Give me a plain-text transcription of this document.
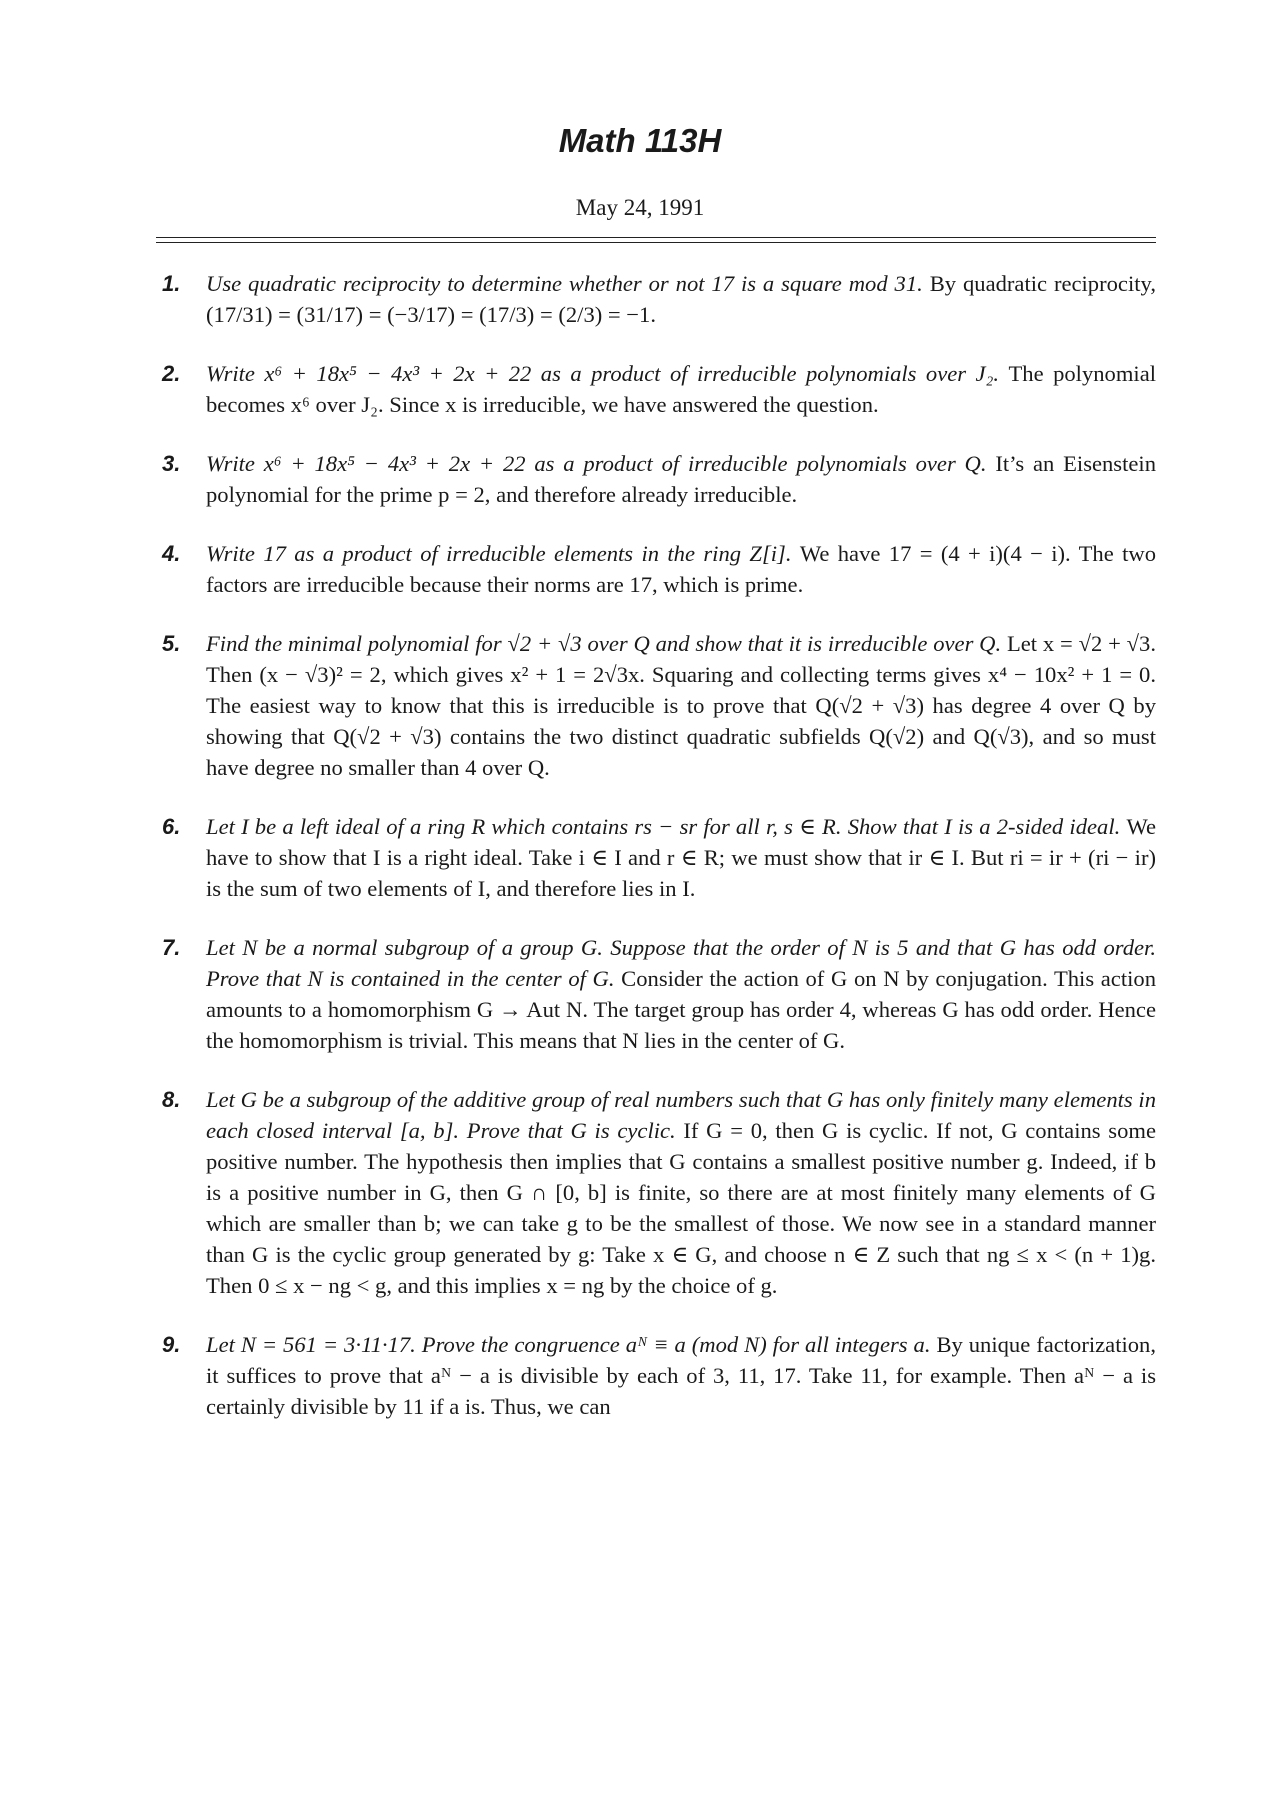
Math 113H
May 24, 1991
1. Use quadratic reciprocity to determine whether or not 17 is a square mod 31. By quadratic reciprocity, (17/31) = (31/17) = (−3/17) = (17/3) = (2/3) = −1.
2. Write x⁶ + 18x⁵ − 4x³ + 2x + 22 as a product of irreducible polynomials over J₂. The polynomial becomes x⁶ over J₂. Since x is irreducible, we have answered the question.
3. Write x⁶ + 18x⁵ − 4x³ + 2x + 22 as a product of irreducible polynomials over Q. It’s an Eisenstein polynomial for the prime p = 2, and therefore already irreducible.
4. Write 17 as a product of irreducible elements in the ring Z[i]. We have 17 = (4 + i)(4 − i). The two factors are irreducible because their norms are 17, which is prime.
5. Find the minimal polynomial for √2 + √3 over Q and show that it is irreducible over Q. Let x = √2 + √3. Then (x − √3)² = 2, which gives x² + 1 = 2√3x. Squaring and collecting terms gives x⁴ − 10x² + 1 = 0. The easiest way to know that this is irreducible is to prove that Q(√2 + √3) has degree 4 over Q by showing that Q(√2 + √3) contains the two distinct quadratic subfields Q(√2) and Q(√3), and so must have degree no smaller than 4 over Q.
6. Let I be a left ideal of a ring R which contains rs − sr for all r, s ∈ R. Show that I is a 2-sided ideal. We have to show that I is a right ideal. Take i ∈ I and r ∈ R; we must show that ir ∈ I. But ri = ir + (ri − ir) is the sum of two elements of I, and therefore lies in I.
7. Let N be a normal subgroup of a group G. Suppose that the order of N is 5 and that G has odd order. Prove that N is contained in the center of G. Consider the action of G on N by conjugation. This action amounts to a homomorphism G → Aut N. The target group has order 4, whereas G has odd order. Hence the homomorphism is trivial. This means that N lies in the center of G.
8. Let G be a subgroup of the additive group of real numbers such that G has only finitely many elements in each closed interval [a, b]. Prove that G is cyclic. If G = 0, then G is cyclic. If not, G contains some positive number. The hypothesis then implies that G contains a smallest positive number g. Indeed, if b is a positive number in G, then G ∩ [0, b] is finite, so there are at most finitely many elements of G which are smaller than b; we can take g to be the smallest of those. We now see in a standard manner than G is the cyclic group generated by g: Take x ∈ G, and choose n ∈ Z such that ng ≤ x < (n + 1)g. Then 0 ≤ x − ng < g, and this implies x = ng by the choice of g.
9. Let N = 561 = 3·11·17. Prove the congruence aᴺ ≡ a (mod N) for all integers a. By unique factorization, it suffices to prove that aᴺ − a is divisible by each of 3, 11, 17. Take 11, for example. Then aᴺ − a is certainly divisible by 11 if a is. Thus, we can
